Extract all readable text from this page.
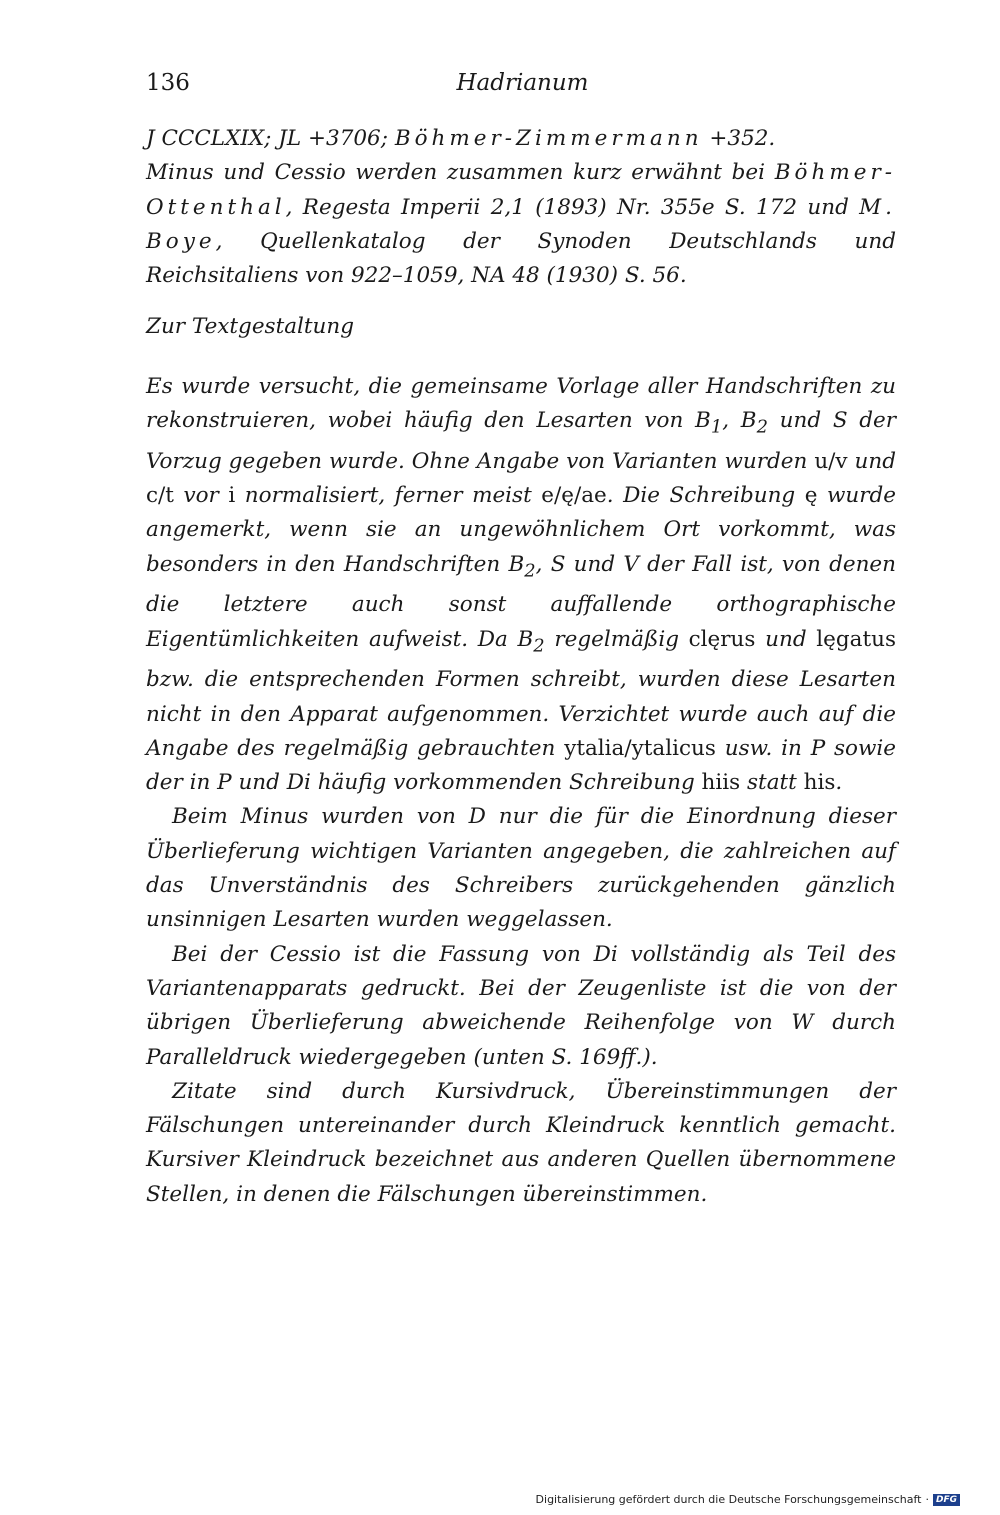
136	Hadrianum
J CCCLXIX; JL +3706; Böhmer-Zimmermann +352.
Minus und Cessio werden zusammen kurz erwähnt bei Böhmer-Ottenthal, Regesta Imperii 2,1 (1893) Nr. 355e S. 172 und M. Boye, Quellenkatalog der Synoden Deutschlands und Reichsitaliens von 922–1059, NA 48 (1930) S. 56.
Zur Textgestaltung

Es wurde versucht, die gemeinsame Vorlage aller Handschriften zu rekonstruieren, wobei häufig den Lesarten von $B_1$, $B_2$ und S der Vorzug gegeben wurde. Ohne Angabe von Varianten wurden u/v und c/t vor i normalisiert, ferner meist e/ę/ae. Die Schreibung ę wurde angemerkt, wenn sie an ungewöhnlichem Ort vorkommt, was besonders in den Handschriften $B_2$, S und V der Fall ist, von denen die letztere auch sonst auffallende orthographische Eigentümlichkeiten aufweist. Da $B_2$ regelmäßig clęrus und lęgatus bzw. die entsprechenden Formen schreibt, wurden diese Lesarten nicht in den Apparat aufgenommen. Verzichtet wurde auch auf die Angabe des regelmäßig gebrauchten ytalia/ytalicus usw. in P sowie der in P und Di häufig vorkommenden Schreibung hiis statt his.

Beim Minus wurden von D nur die für die Einordnung dieser Überlieferung wichtigen Varianten angegeben, die zahlreichen auf das Unverständnis des Schreibers zurückgehenden gänzlich unsinnigen Lesarten wurden weggelassen.

Bei der Cessio ist die Fassung von Di vollständig als Teil des Variantenapparats gedruckt. Bei der Zeugenliste ist die von der übrigen Überlieferung abweichende Reihenfolge von W durch Paralleldruck wiedergegeben (unten S. 169ff.).

Zitate sind durch Kursivdruck, Übereinstimmungen der Fälschungen untereinander durch Kleindruck kenntlich gemacht. Kursiver Kleindruck bezeichnet aus anderen Quellen übernommene Stellen, in denen die Fälschungen übereinstimmen.

Digitalisierung gefördert durch die Deutsche Forschungsgemeinschaft · DFG
